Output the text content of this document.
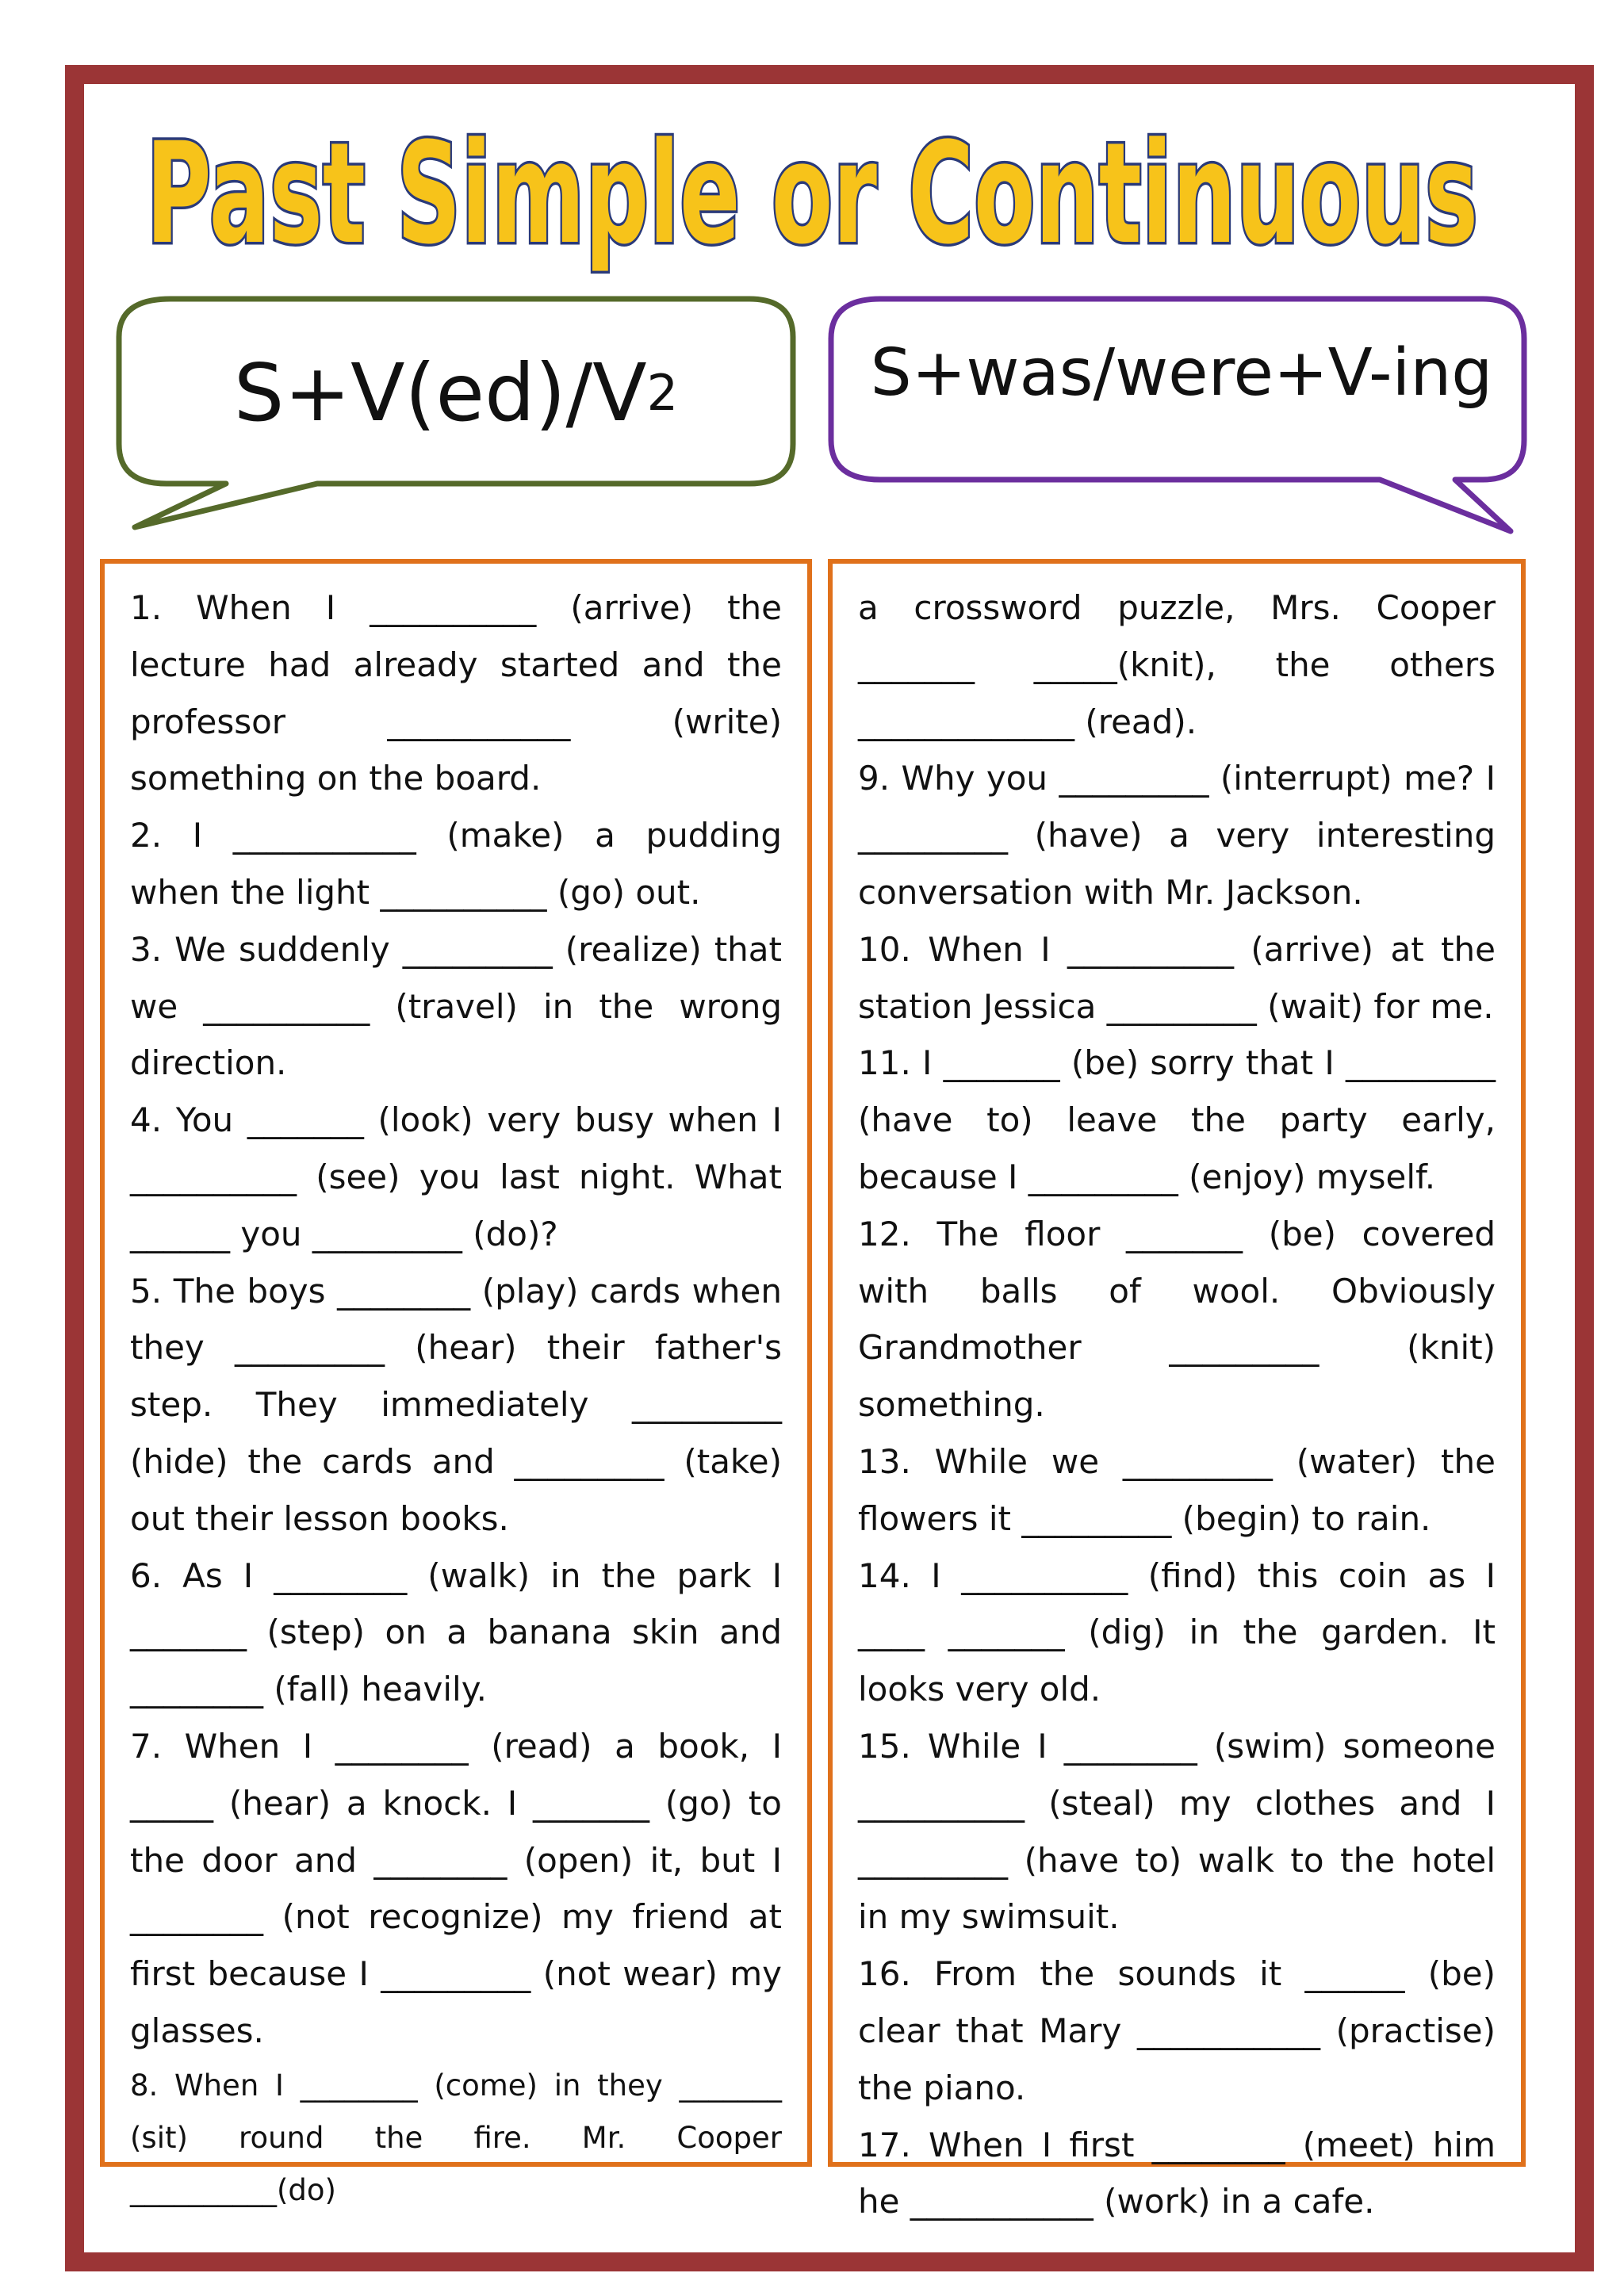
Past Simple or Continuous
S+V(ed)/V 2	S+was/were+V-ing

1. When I __________ (arrive) the lecture had already started and the professor ___________ (write) something on the board.

2. I ___________ (make) a pudding when the light __________ (go) out.

3. We suddenly _________ (realize) that we __________ (travel) in the wrong direction.

4. You _______ (look) very busy when I __________ (see) you last night. What ______ you _________ (do)?

5. The boys ________ (play) cards when they _________ (hear) their father's step. They immediately _________ (hide) the cards and _________ (take) out their lesson books.

6. As I ________ (walk) in the park I _______ (step) on a banana skin and ________ (fall) heavily.

7. When I ________ (read) a book, I _____ (hear) a knock. I _______ (go) to the door and ________ (open) it, but I ________ (not recognize) my friend at first because I _________ (not wear) my glasses.

8. When I ________ (come) in they _______ (sit) round the fire. Mr. Cooper __________(do)

a crossword puzzle, Mrs. Cooper _______ _____(knit), the others _____________ (read).

9. Why you _________ (interrupt) me? I _________ (have) a very interesting conversation with Mr. Jackson.

10. When I __________ (arrive) at the station Jessica _________ (wait) for me.

11. I _______ (be) sorry that I _________ (have to) leave the party early, because I _________ (enjoy) myself.

12. The floor _______ (be) covered with balls of wool. Obviously Grandmother _________ (knit) something.

13. While we _________ (water) the flowers it _________ (begin) to rain.

14. I __________ (find) this coin as I ____ _______ (dig) in the garden. It looks very old.

15. While I ________ (swim) someone __________ (steal) my clothes and I _________ (have to) walk to the hotel in my swimsuit.

16. From the sounds it ______ (be) clear that Mary ___________ (practise) the piano.

17. When I first ________ (meet) him he ___________ (work) in a cafe.
